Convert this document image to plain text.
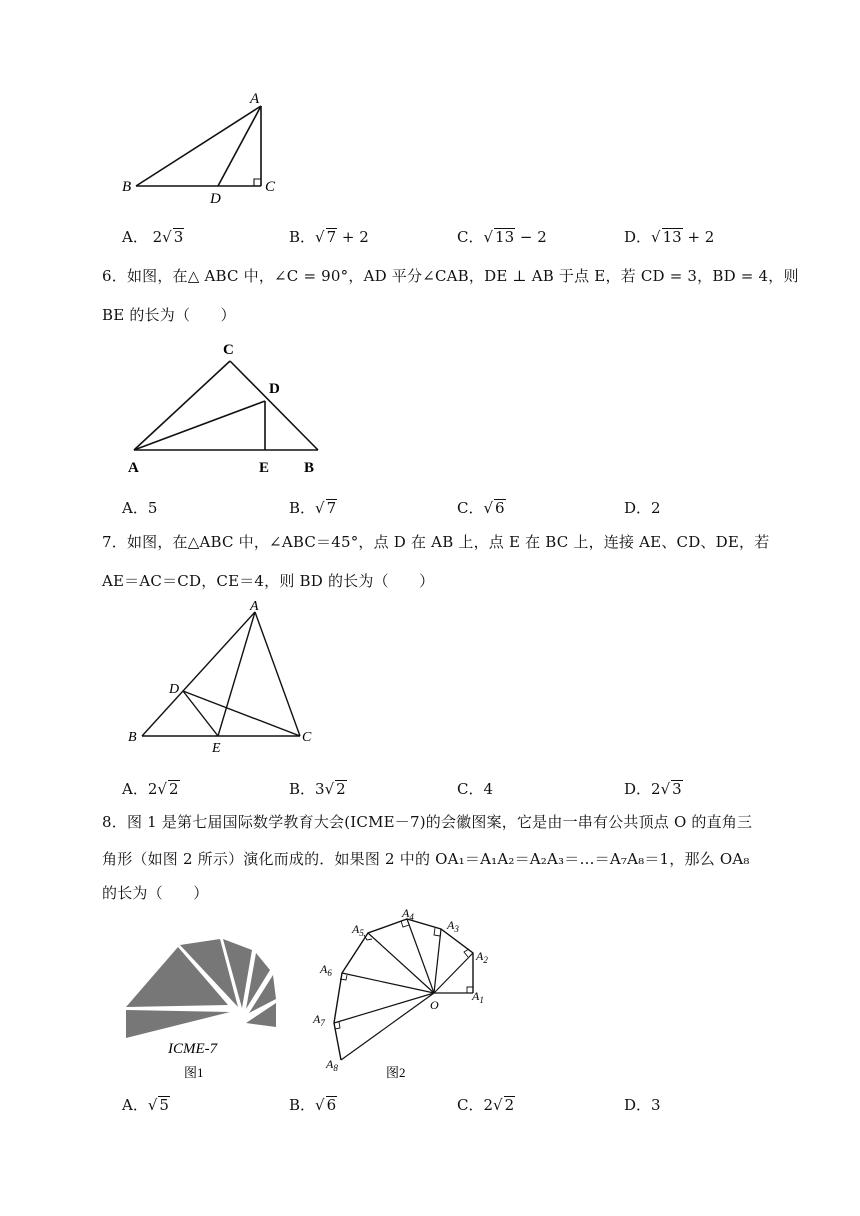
A
B	C
D
A． 2√ 3	B．√ 7 + 2	C．√ 13 − 2	D．√ 13 + 2
6．如图，在△ ABC 中，∠C = 90°，AD 平分∠CAB，DE ⊥ AB 于点 E，若 CD = 3，BD = 4，则
BE 的长为（　　）
C
D
A	E B
A．5	B．√ 7	C．√ 6	D．2
7．如图，在△ABC 中，∠ABC＝45°，点 D 在 AB 上，点 E 在 BC 上，连接 AE、CD、DE，若
AE＝AC＝CD，CE＝4，则 BD 的长为（　　）
A
D
B
E
C
A．2√ 2	B．3√ 2	C．4	D．2√ 3
8．图 1 是第七届国际数学教育大会(ICME－7)的会徽图案，它是由一串有公共顶点 O 的直角三
角形（如图 2 所示）演化而成的．如果图 2 中的 OA₁＝A₁A₂＝A₂A₃＝…＝A₇A₈＝1，那么 OA₈
的长为（　　）
ICME-7
图1
O
$A_1$
$A_2$
$A_3$
$A_4$
$A_5$
$A_6$
$A_7$
$A_8$	图2
A．√ 5	B．√ 6	C．2√ 2	D．3
